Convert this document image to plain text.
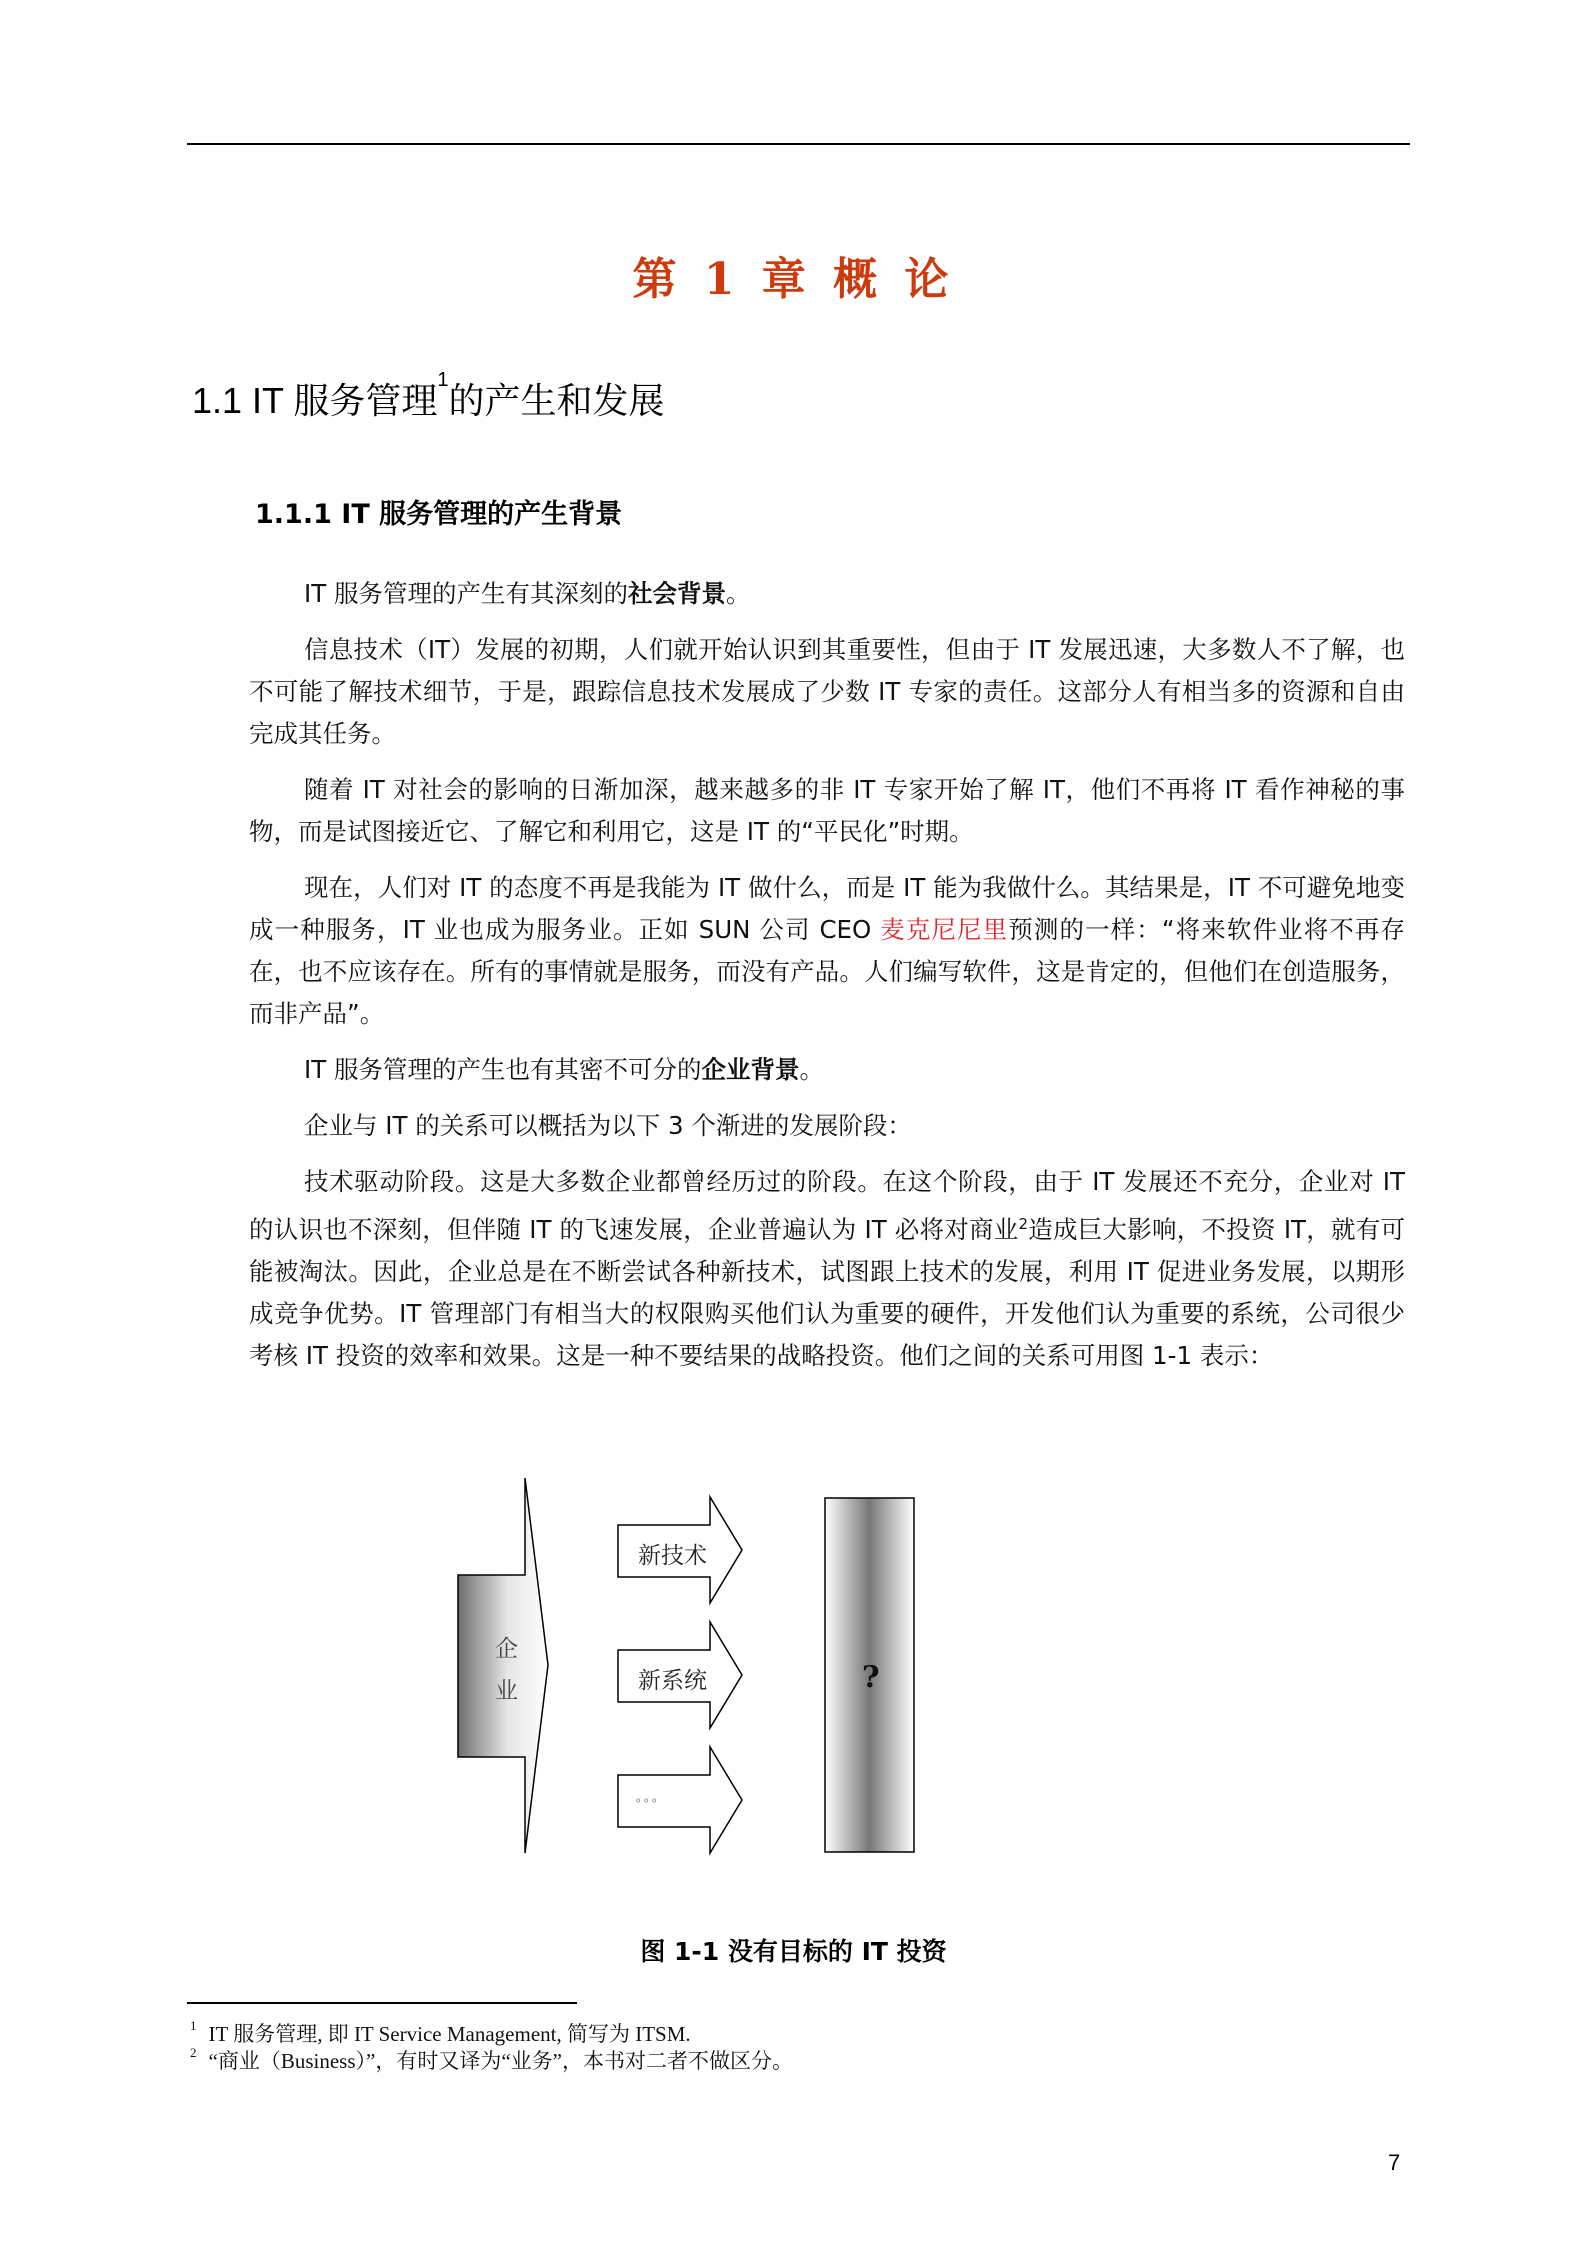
第 1 章 概 论
1.1 IT 服务管理$^1$的产生和发展
1.1.1 IT 服务管理的产生背景

IT 服务管理的产生有其深刻的社会背景。

信息技术（IT）发展的初期，人们就开始认识到其重要性，但由于 IT 发展迅速，大多数人不了解，也不可能了解技术细节，于是，跟踪信息技术发展成了少数 IT 专家的责任。这部分人有相当多的资源和自由完成其任务。

随着 IT 对社会的影响的日渐加深，越来越多的非 IT 专家开始了解 IT，他们不再将 IT 看作神秘的事物，而是试图接近它、了解它和利用它，这是 IT 的“平民化”时期。

现在，人们对 IT 的态度不再是我能为 IT 做什么，而是 IT 能为我做什么。其结果是，IT 不可避免地变成一种服务，IT 业也成为服务业。正如 SUN 公司 CEO 麦克尼尼里预测的一样：“将来软件业将不再存在，也不应该存在。所有的事情就是服务，而没有产品。人们编写软件，这是肯定的，但他们在创造服务，而非产品”。

IT 服务管理的产生也有其密不可分的企业背景。

企业与 IT 的关系可以概括为以下 3 个渐进的发展阶段：

技术驱动阶段。这是大多数企业都曾经历过的阶段。在这个阶段，由于 IT 发展还不充分，企业对 IT 的认识也不深刻，但伴随 IT 的飞速发展，企业普遍认为 IT 必将对商业$^2$造成巨大影响，不投资 IT，就有可能被淘汰。因此，企业总是在不断尝试各种新技术，试图跟上技术的发展，利用 IT 促进业务发展，以期形成竞争优势。IT 管理部门有相当大的权限购买他们认为重要的硬件，开发他们认为重要的系统，公司很少考核 IT 投资的效率和效果。这是一种不要结果的战略投资。他们之间的关系可用图 1-1 表示：

企
业
新技术
新系统
。。。
?
图 1-1 没有目标的 IT 投资
$^1$ IT 服务管理, 即 IT Service Management, 简写为 ITSM.
$^2$ “商业（Business）”，有时又译为“业务”，本书对二者不做区分。
7
